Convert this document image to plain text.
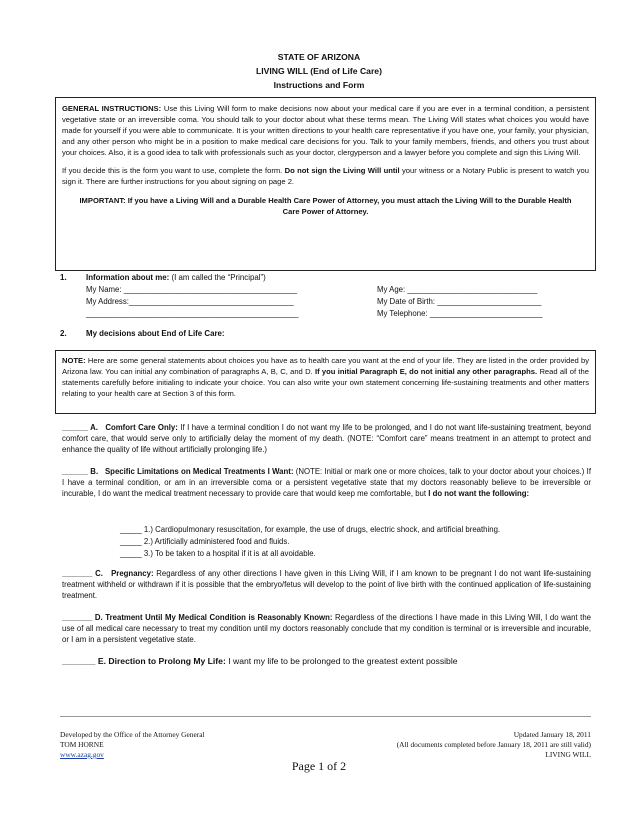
STATE OF ARIZONA
LIVING WILL (End of Life Care)
Instructions and Form

GENERAL INSTRUCTIONS: Use this Living Will form to make decisions now about your medical care if you are ever in a terminal condition, a persistent vegetative state or an irreversible coma. You should talk to your doctor about what these terms mean. The Living Will states what choices you would have made for yourself if you were able to communicate. It is your written directions to your health care representative if you have one, your family, your physician, and any other person who might be in a position to make medical care decisions for you. Talk to your family members, friends, and others you trust about your choices. Also, it is a good idea to talk with professionals such as your doctor, clergyperson and a lawyer before you complete and sign this Living Will.

If you decide this is the form you want to use, complete the form. Do not sign the Living Will until your witness or a Notary Public is present to watch you sign it. There are further instructions for you about signing on page 2.

IMPORTANT: If you have a Living Will and a Durable Health Care Power of Attorney, you must attach the Living Will to the Durable Health Care Power of Attorney.

1. Information about me: (I am called the “Principal”)
My Name: ________________________________________
My Address:______________________________________
_________________________________________________
My Age: ______________________________
My Date of Birth: ________________________
My Telephone: __________________________
2. My decisions about End of Life Care:

NOTE: Here are some general statements about choices you have as to health care you want at the end of your life. They are listed in the order provided by Arizona law. You can initial any combination of paragraphs A, B, C, and D. If you initial Paragraph E, do not initial any other paragraphs. Read all of the statements carefully before initialing to indicate your choice. You can also write your own statement concerning life-sustaining treatments and other matters relating to your health care at Section 3 of this form.

______ A. Comfort Care Only: If I have a terminal condition I do not want my life to be prolonged, and I do not want life-sustaining treatment, beyond comfort care, that would serve only to artificially delay the moment of my death. (NOTE: “Comfort care” means treatment in an attempt to protect and enhance the quality of life without artificially prolonging life.)
______ B. Specific Limitations on Medical Treatments I Want: (NOTE: Initial or mark one or more choices, talk to your doctor about your choices.) If I have a terminal condition, or am in an irreversible coma or a persistent vegetative state that my doctors reasonably believe to be irreversible or incurable, I do want the medical treatment necessary to provide care that would keep me comfortable, but I do not want the following:
_____ 1.) Cardiopulmonary resuscitation, for example, the use of drugs, electric shock, and artificial breathing.
_____ 2.) Artificially administered food and fluids.
_____ 3.) To be taken to a hospital if it is at all avoidable.
_______ C. Pregnancy: Regardless of any other directions I have given in this Living Will, if I am known to be pregnant I do not want life-sustaining treatment withheld or withdrawn if it is possible that the embryo/fetus will develop to the point of live birth with the continued application of life-sustaining treatment.
_______ D. Treatment Until My Medical Condition is Reasonably Known: Regardless of the directions I have made in this Living Will, I do want the use of all medical care necessary to treat my condition until my doctors reasonably conclude that my condition is terminal or is irreversible and incurable, or I am in a persistent vegetative state.
_______ E. Direction to Prolong My Life: I want my life to be prolonged to the greatest extent possible
Developed by the Office of the Attorney General
TOM HORNE
www.azag.gov
Updated January 18, 2011
(All documents completed before January 18, 2011 are still valid)
LIVING WILL
Page 1 of 2
